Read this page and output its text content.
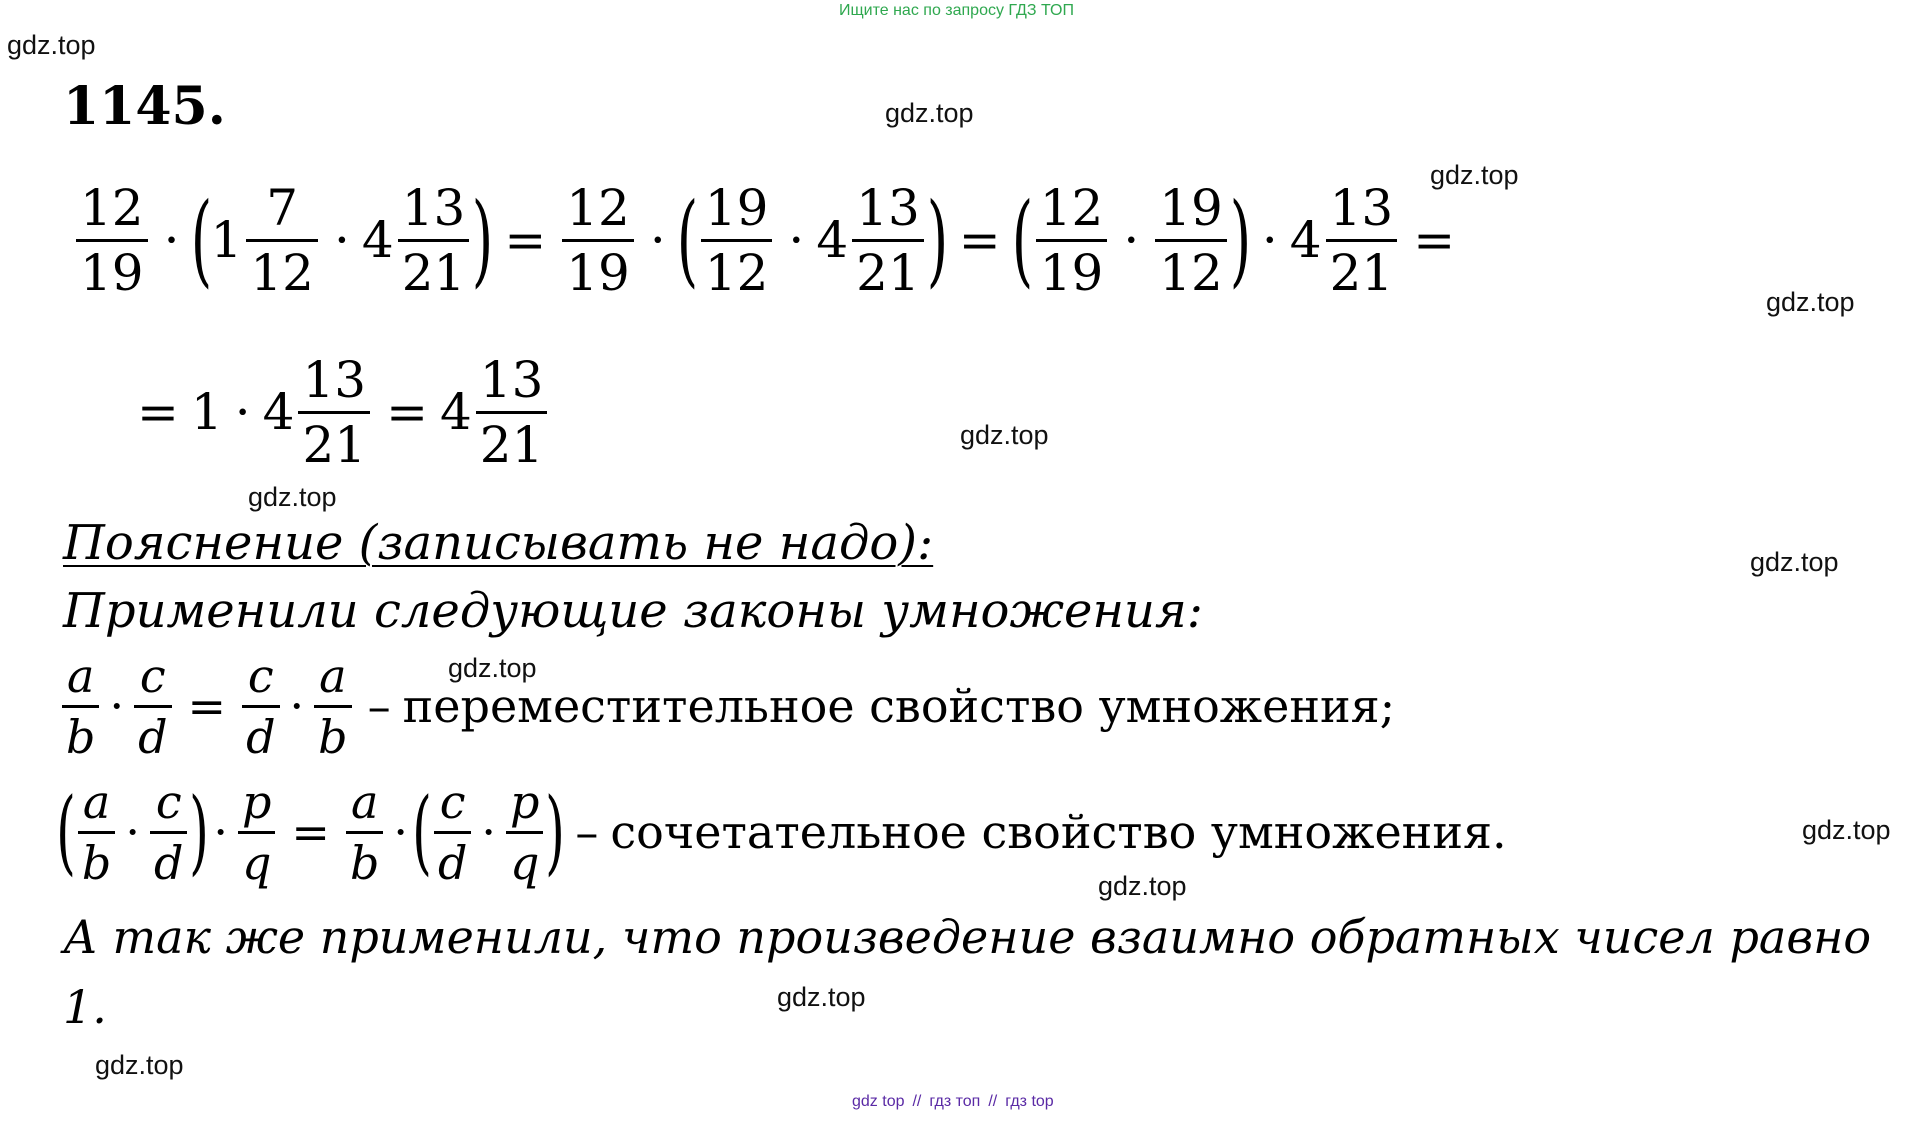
Ищите нас по запросу ГДЗ ТОП
gdz.top
gdz.top
gdz.top
gdz.top
gdz.top
gdz.top
gdz.top
gdz.top
gdz.top
gdz.top
gdz.top
gdz.top
1145.
$\frac{12}{19}$ · (
$1 \frac{7}{12} \cdot 4 \frac{13}{21}$ ) = $\frac{12}{19}$ · ( $\frac{19}{12} \cdot 4 \frac{13}{21}$ ) = ( $\frac{12}{19} \cdot \frac{19}{12}$ ) · $4 \frac{13}{21}$ =
= $1 \cdot 4 \frac{13}{21} = 4 \frac{13}{21}$
Пояснение (записывать не надо):
Применили следующие законы умножения:
$\frac{a}{b} \cdot \frac{c}{d} = \frac{c}{d} \cdot \frac{a}{b}$ – переместительное свойство умножения;
( $\frac{a}{b} \cdot \frac{c}{d}$ ) · $\frac{p}{q} = \frac{a}{b}$ · ( $\frac{c}{d} \cdot \frac{p}{q}$ ) – сочетательное свойство умножения.
А так же применили, что произведение взаимно обратных чисел равно
1.
gdz top // гдз топ // гдз top
